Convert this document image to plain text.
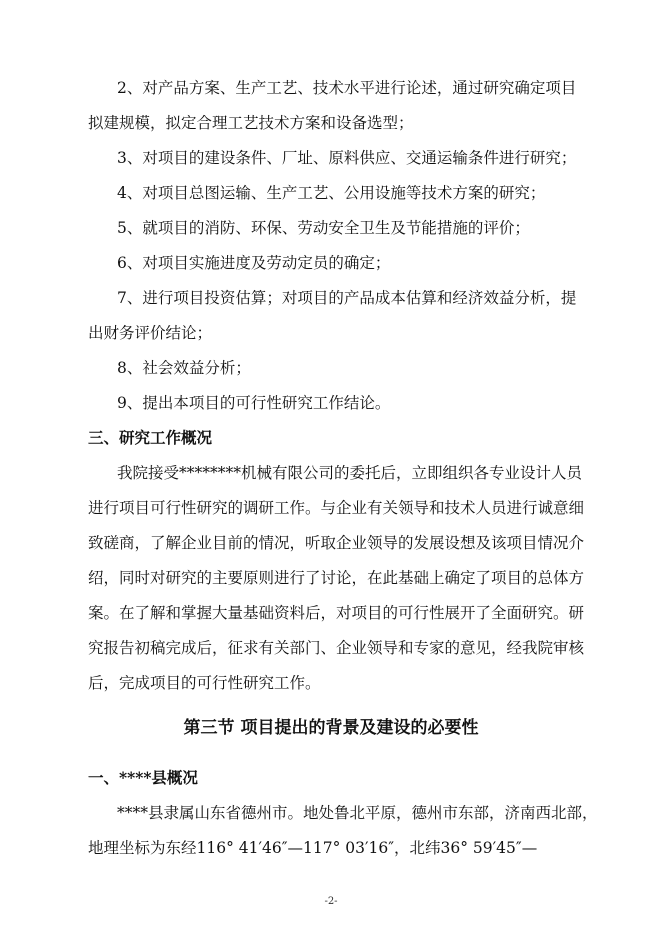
2、对产品方案、生产工艺、技术水平进行论述，通过研究确定项目
拟建规模，拟定合理工艺技术方案和设备选型；
3、对项目的建设条件、厂址、原料供应、交通运输条件进行研究；
4、对项目总图运输、生产工艺、公用设施等技术方案的研究；
5、就项目的消防、环保、劳动安全卫生及节能措施的评价；
6、对项目实施进度及劳动定员的确定；
7、进行项目投资估算；对项目的产品成本估算和经济效益分析，提
出财务评价结论；
8、社会效益分析；
9、提出本项目的可行性研究工作结论。
三、研究工作概况
我院接受********机械有限公司的委托后，立即组织各专业设计人员
进行项目可行性研究的调研工作。与企业有关领导和技术人员进行诚意细
致磋商，了解企业目前的情况，听取企业领导的发展设想及该项目情况介
绍，同时对研究的主要原则进行了讨论，在此基础上确定了项目的总体方
案。在了解和掌握大量基础资料后，对项目的可行性展开了全面研究。研
究报告初稿完成后，征求有关部门、企业领导和专家的意见，经我院审核
后，完成项目的可行性研究工作。
第三节 项目提出的背景及建设的必要性
一、****县概况
****县隶属山东省德州市。地处鲁北平原，德州市东部，济南西北部，
地理坐标为东经116° 41′46″—117° 03′16″，北纬36° 59′45″—
-2-
